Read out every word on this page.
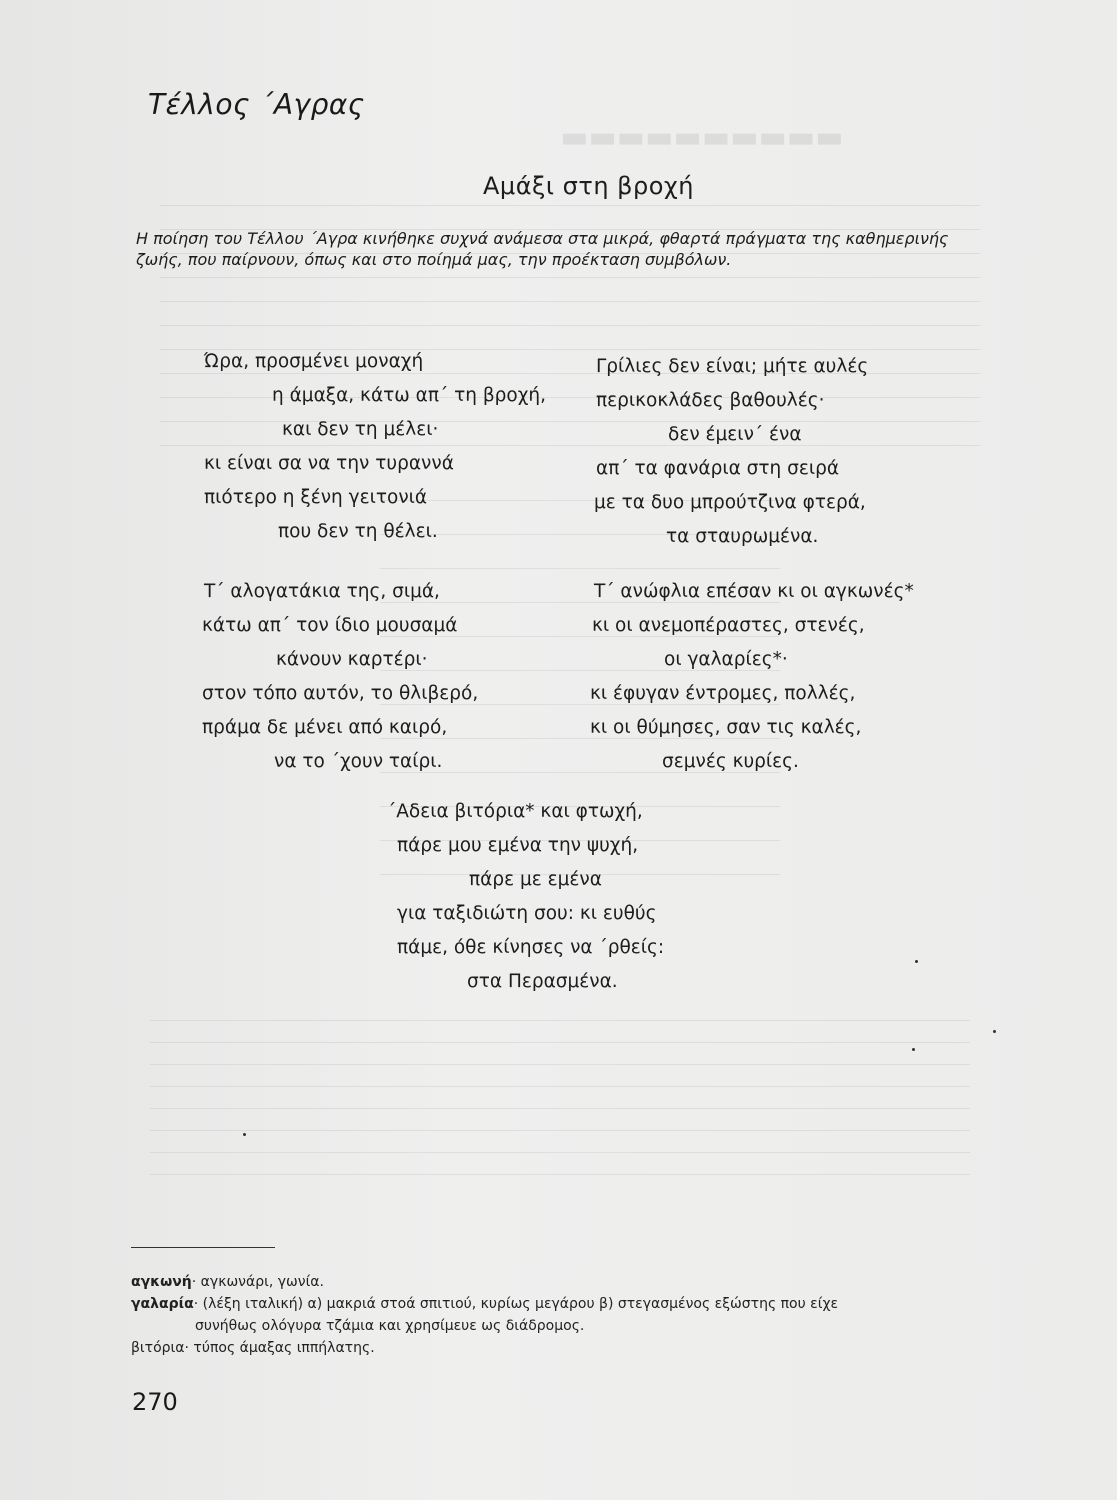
▬▬▬▬▬▬▬▬▬▬
Τέλλος ΄Αγρας
Αμάξι στη βροχή
Η ποίηση του Τέλλου ΄Αγρα κινήθηκε συχνά ανάμεσα στα μικρά, φθαρτά πράγματα της καθημερινής ζωής, που παίρνουν, όπως και στο ποίημά μας, την προέκταση συμβόλων.
Ώρα, προσμένει μοναχή
η άμαξα, κάτω απ΄ τη βροχή,
και δεν τη μέλει·
κι είναι σα να την τυραννά
πιότερο η ξένη γειτονιά
που δεν τη θέλει.
Γρίλιες δεν είναι; μήτε αυλές
περικοκλάδες βαθουλές·
δεν έμειν΄ ένα
απ΄ τα φανάρια στη σειρά
με τα δυο μπρούτζινα φτερά,
τα σταυρωμένα.
Τ΄ αλογατάκια της, σιμά,
κάτω απ΄ τον ίδιο μουσαμά
κάνουν καρτέρι·
στον τόπο αυτόν, το θλιβερό,
πράμα δε μένει από καιρό,
να το ΄χουν ταίρι.
Τ΄ ανώφλια επέσαν κι οι αγκωνές*
κι οι ανεμοπέραστες, στενές,
οι γαλαρίες*·
κι έφυγαν έντρομες, πολλές,
κι οι θύμησες, σαν τις καλές,
σεμνές κυρίες.
΄Αδεια βιτόρια* και φτωχή,
πάρε μου εμένα την ψυχή,
πάρε με εμένα
για ταξιδιώτη σου: κι ευθύς
πάμε, όθε κίνησες να ΄ρθείς:
στα Περασμένα.
αγκωνή· αγκωνάρι, γωνία.
γαλαρία· (λέξη ιταλική) α) μακριά στοά σπιτιού, κυρίως μεγάρου β) στεγασμένος εξώστης που είχε
συνήθως ολόγυρα τζάμια και χρησίμευε ως διάδρομος.
βιτόρια· τύπος άμαξας ιππήλατης.
270
